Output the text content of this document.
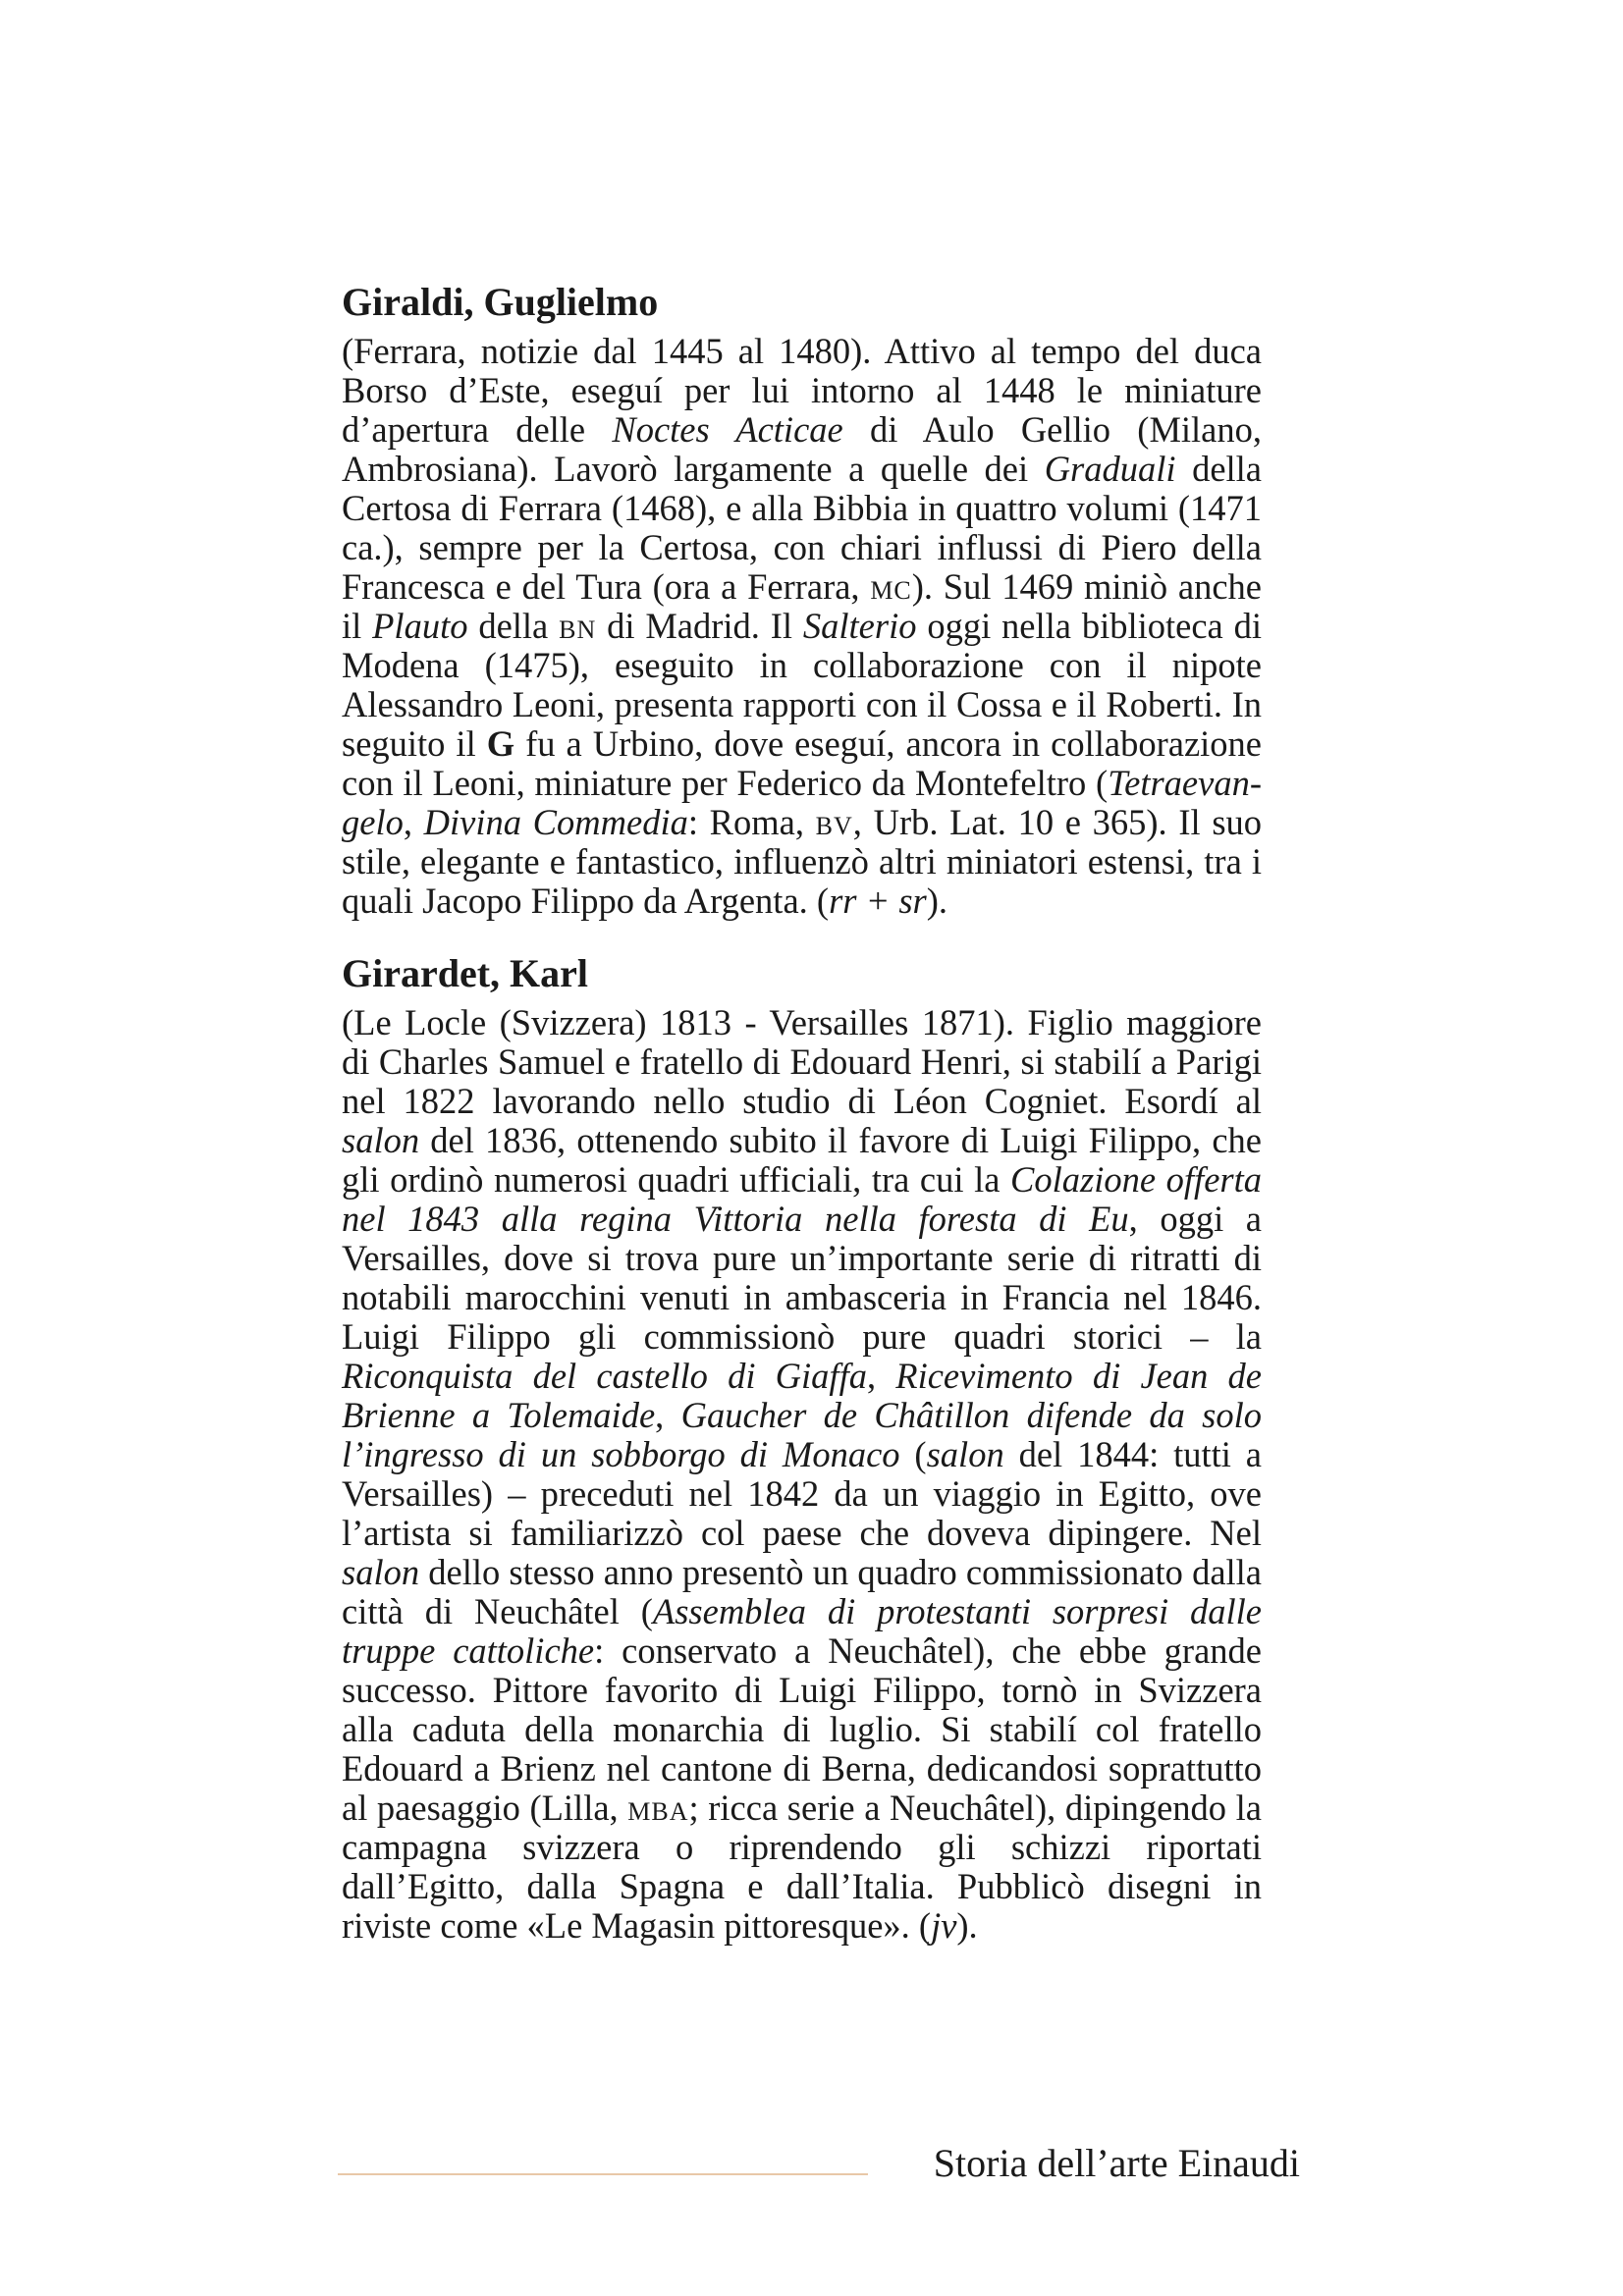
Giraldi, Guglielmo

(Ferrara, notizie dal 1445 al 1480). Attivo al tempo del duca Borso d’Este, eseguí per lui intorno al 1448 le miniature d’apertura delle Noctes Acticae di Aulo Gellio (Milano, Ambrosiana). Lavorò largamente a quelle dei Graduali della Certosa di Ferrara (1468), e alla Bibbia in quattro volumi (1471 ca.), sempre per la Certosa, con chiari influssi di Piero della Francesca e del Tura (ora a Ferrara, mc). Sul 1469 miniò anche il Plauto della bn di Madrid. Il Salterio oggi nella biblioteca di Modena (1475), eseguito in collaborazione con il nipote Alessandro Leoni, presenta rapporti con il Cossa e il Roberti. In seguito il G fu a Urbino, dove eseguí, ancora in collaborazione con il Leoni, miniature per Federico da Montefeltro (Tetraevangelo, Divina Commedia: Roma, bv, Urb. Lat. 10 e 365). Il suo stile, elegante e fantastico, influenzò altri miniatori estensi, tra i quali Jacopo Filippo da Argenta. (rr + sr).

Girardet, Karl

(Le Locle (Svizzera) 1813 - Versailles 1871). Figlio maggiore di Charles Samuel e fratello di Edouard Henri, si stabilí a Parigi nel 1822 lavorando nello studio di Léon Cogniet. Esordí al salon del 1836, ottenendo subito il favore di Luigi Filippo, che gli ordinò numerosi quadri ufficiali, tra cui la Colazione offerta nel 1843 alla regina Vittoria nella foresta di Eu, oggi a Versailles, dove si trova pure un’importante serie di ritratti di notabili marocchini venuti in ambasceria in Francia nel 1846. Luigi Filippo gli commissionò pure quadri storici – la Riconquista del castello di Giaffa, Ricevimento di Jean de Brienne a Tolemaide, Gaucher de Châtillon difende da solo l’ingresso di un sobborgo di Monaco (salon del 1844: tutti a Versailles) – preceduti nel 1842 da un viaggio in Egitto, ove l’artista si familiarizzò col paese che doveva dipingere. Nel salon dello stesso anno presentò un quadro commissionato dalla città di Neuchâtel (Assemblea di protestanti sorpresi dalle truppe cattoliche: conservato a Neuchâtel), che ebbe grande successo. Pittore favorito di Luigi Filippo, tornò in Svizzera alla caduta della monarchia di luglio. Si stabilí col fratello Edouard a Brienz nel cantone di Berna, dedicandosi soprattutto al paesaggio (Lilla, mba; ricca serie a Neuchâtel), dipingendo la campagna svizzera o riprendendo gli schizzi riportati dall’Egitto, dalla Spagna e dall’Italia. Pubblicò disegni in riviste come «Le Magasin pittoresque». (jv).

Storia dell’arte Einaudi
